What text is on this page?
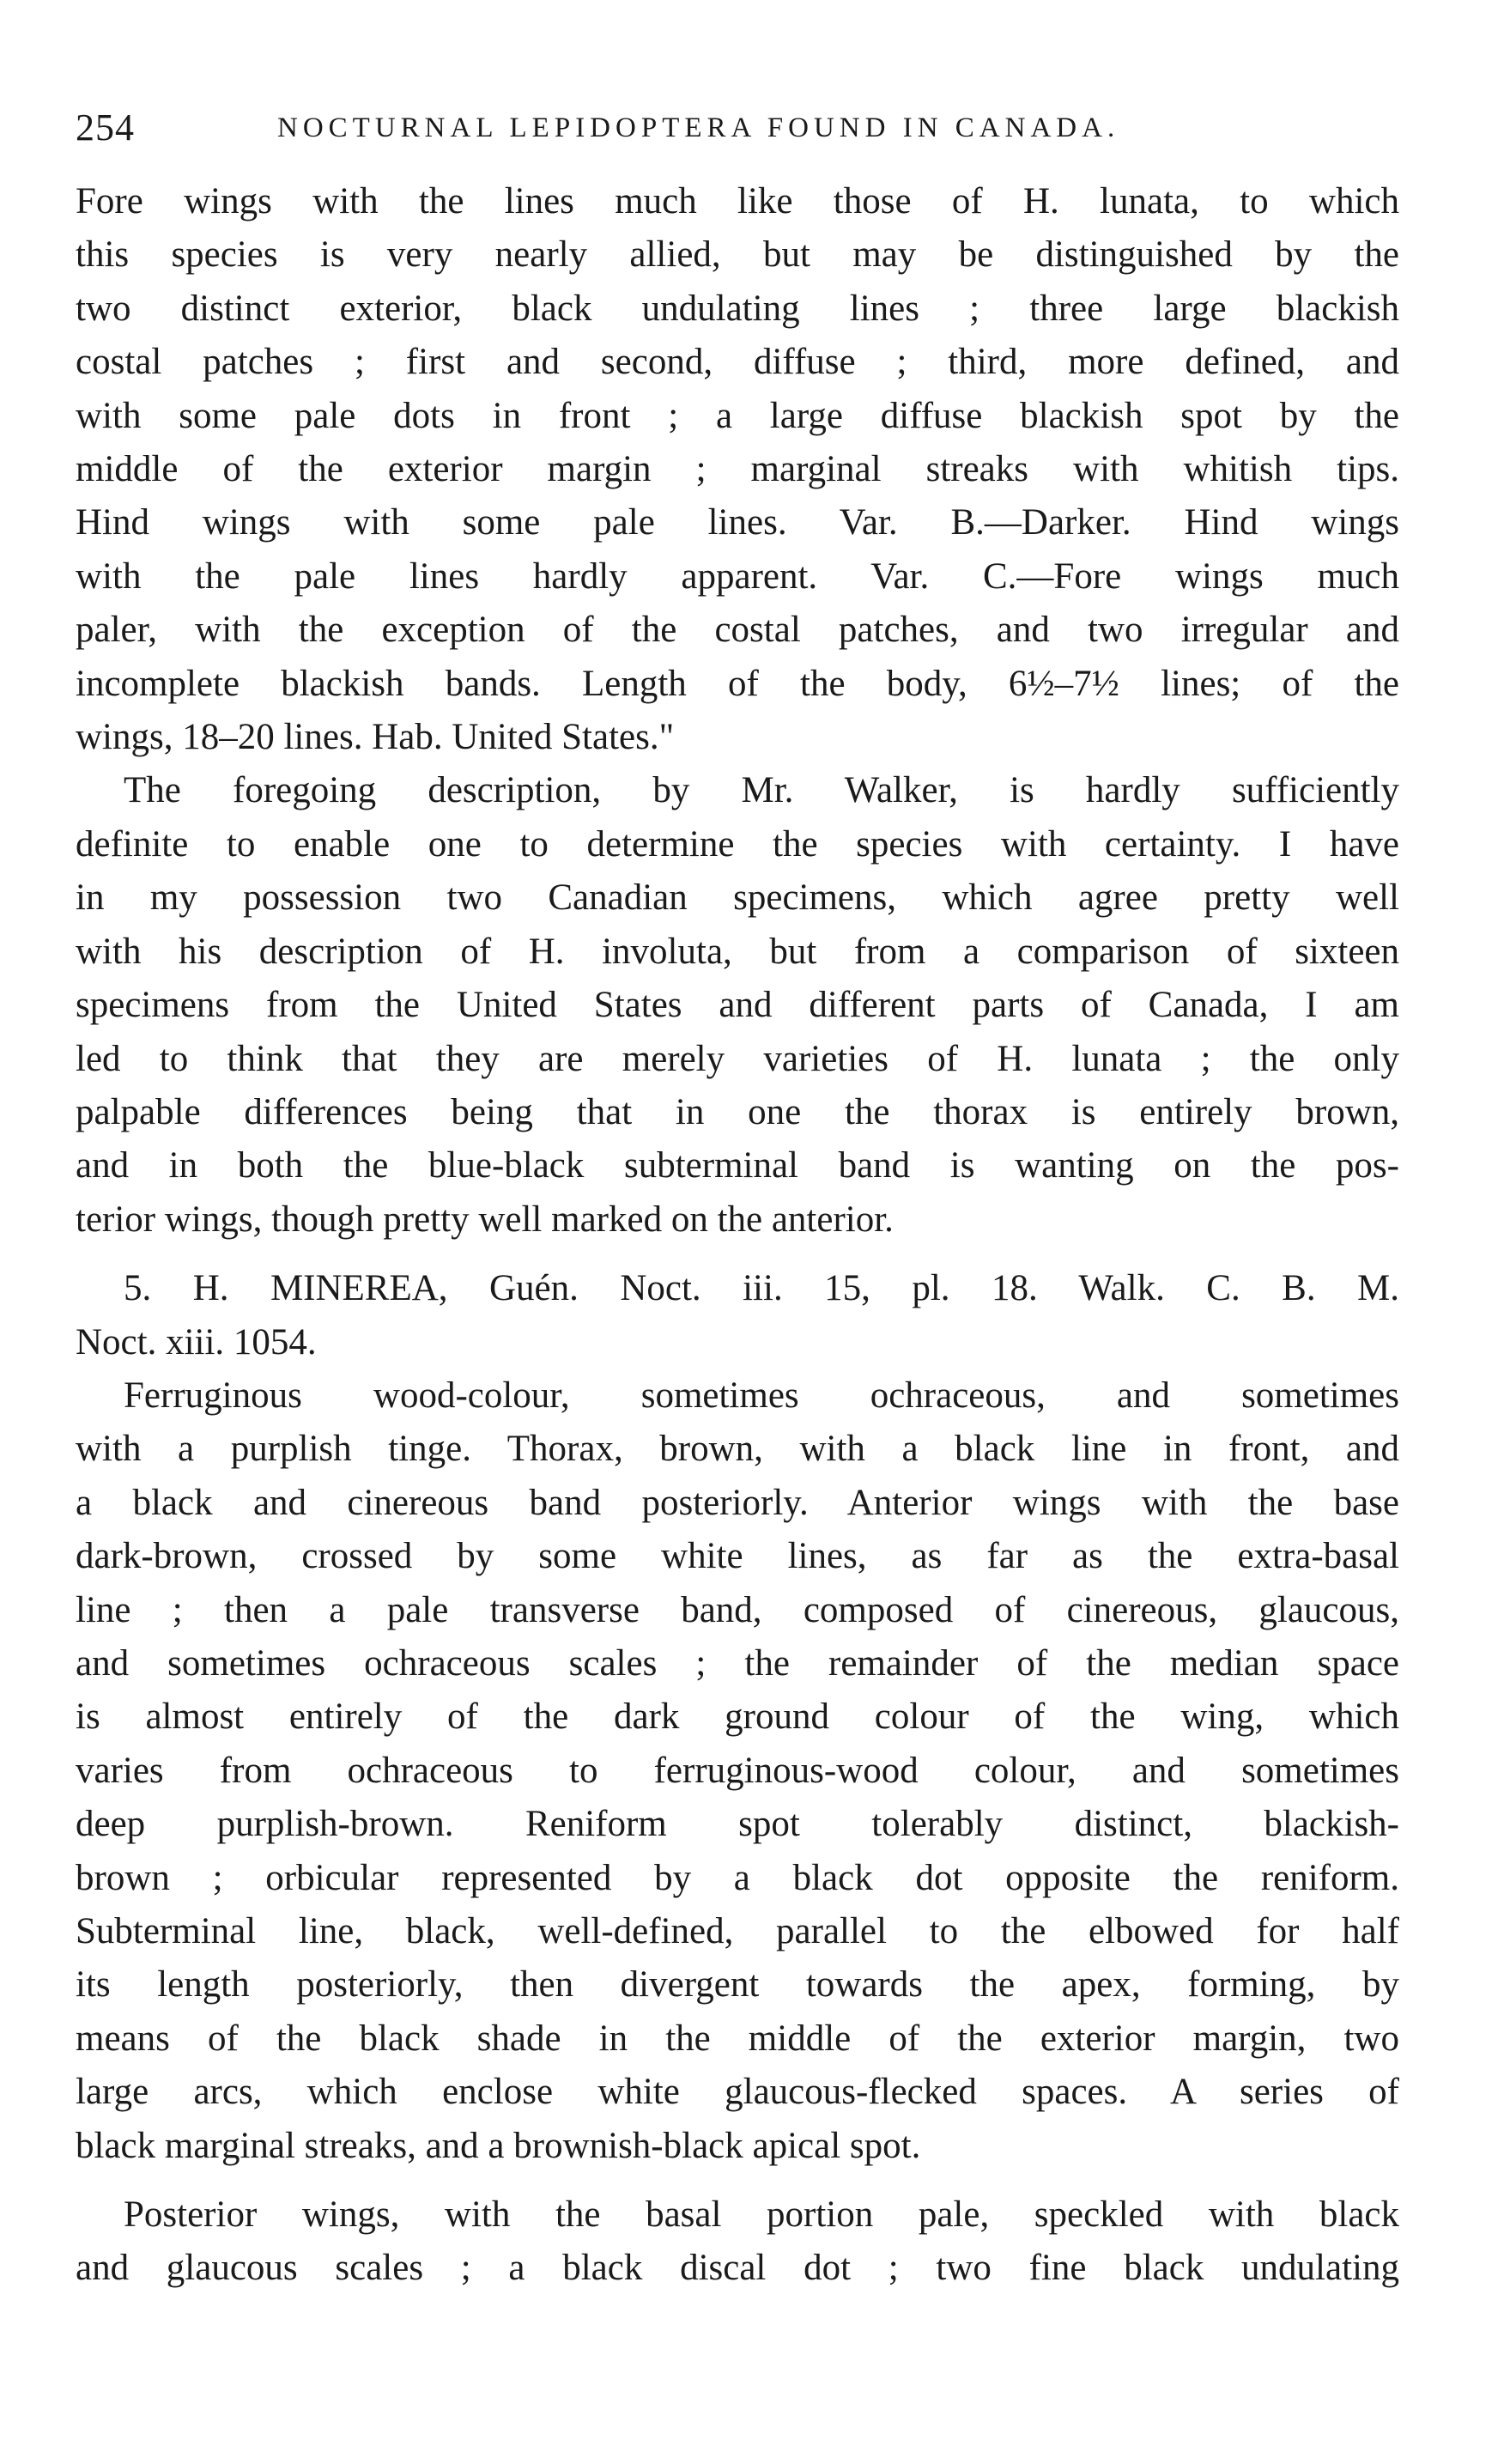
254	NOCTURNAL LEPIDOPTERA FOUND IN CANADA.
Fore wings with the lines much like those of H. lunata, to which
this species is very nearly allied, but may be distinguished by the
two distinct exterior, black undulating lines ; three large blackish
costal patches ; first and second, diffuse ; third, more defined, and
with some pale dots in front ; a large diffuse blackish spot by the
middle of the exterior margin ; marginal streaks with whitish tips.
Hind wings with some pale lines. Var. B.—Darker. Hind wings
with the pale lines hardly apparent. Var. C.—Fore wings much
paler, with the exception of the costal patches, and two irregular and
incomplete blackish bands. Length of the body, 6½–7½ lines; of the
wings, 18–20 lines. Hab. United States."
The foregoing description, by Mr. Walker, is hardly sufficiently
definite to enable one to determine the species with certainty. I have
in my possession two Canadian specimens, which agree pretty well
with his description of H. involuta, but from a comparison of sixteen
specimens from the United States and different parts of Canada, I am
led to think that they are merely varieties of H. lunata ; the only
palpable differences being that in one the thorax is entirely brown,
and in both the blue-black subterminal band is wanting on the pos-
terior wings, though pretty well marked on the anterior.
5. H. MINEREA, Guén. Noct. iii. 15, pl. 18. Walk. C. B. M.
Noct. xiii. 1054.
Ferruginous wood-colour, sometimes ochraceous, and sometimes
with a purplish tinge. Thorax, brown, with a black line in front, and
a black and cinereous band posteriorly. Anterior wings with the base
dark-brown, crossed by some white lines, as far as the extra-basal
line ; then a pale transverse band, composed of cinereous, glaucous,
and sometimes ochraceous scales ; the remainder of the median space
is almost entirely of the dark ground colour of the wing, which
varies from ochraceous to ferruginous-wood colour, and sometimes
deep purplish-brown. Reniform spot tolerably distinct, blackish-
brown ; orbicular represented by a black dot opposite the reniform.
Subterminal line, black, well-defined, parallel to the elbowed for half
its length posteriorly, then divergent towards the apex, forming, by
means of the black shade in the middle of the exterior margin, two
large arcs, which enclose white glaucous-flecked spaces. A series of
black marginal streaks, and a brownish-black apical spot.
Posterior wings, with the basal portion pale, speckled with black
and glaucous scales ; a black discal dot ; two fine black undulating
